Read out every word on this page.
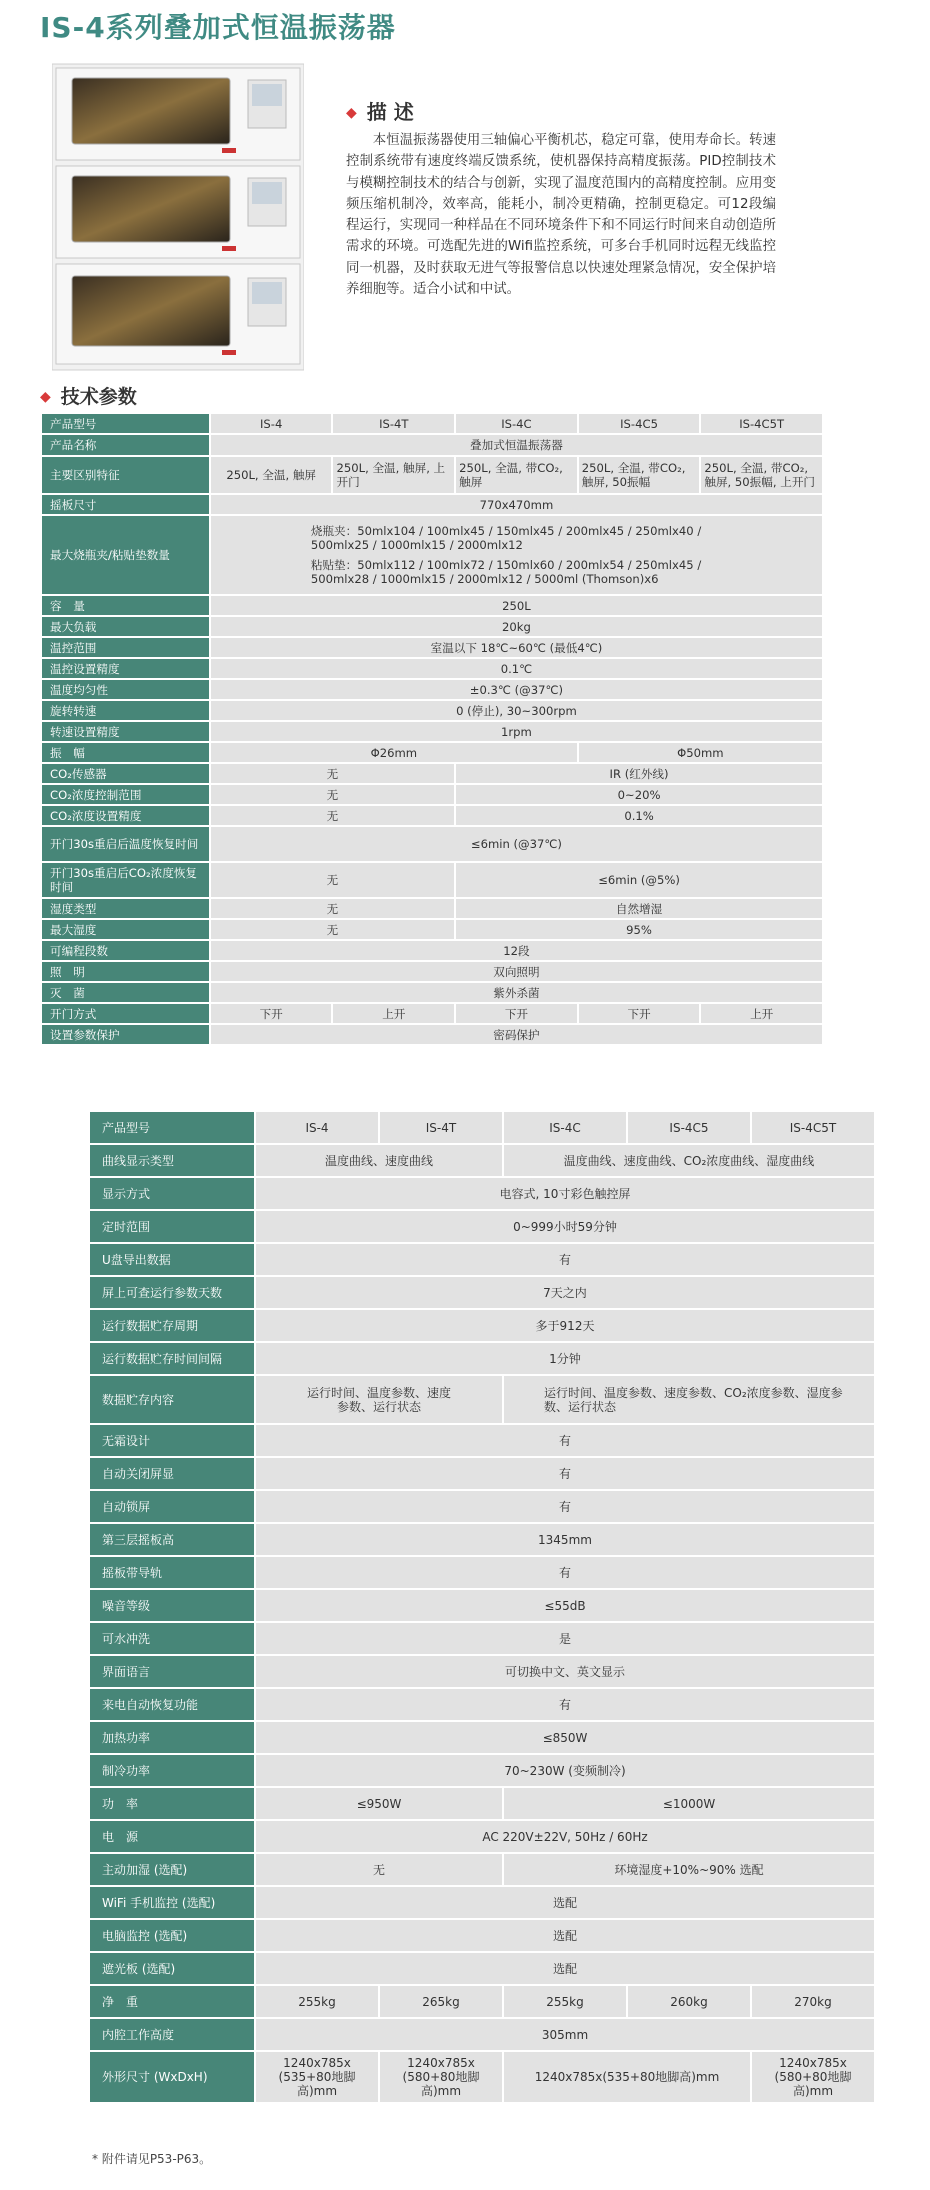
IS-4系列叠加式恒温振荡器
◆ 描 述
本恒温振荡器使用三轴偏心平衡机芯，稳定可靠，使用寿命长。转速控制系统带有速度终端反馈系统，使机器保持高精度振荡。PID控制技术与模糊控制技术的结合与创新，实现了温度范围内的高精度控制。应用变频压缩机制冷，效率高，能耗小，制冷更精确，控制更稳定。可12段编程运行，实现同一种样品在不同环境条件下和不同运行时间来自动创造所需求的环境。可选配先进的Wifi监控系统，可多台手机同时远程无线监控同一机器，及时获取无进气等报警信息以快速处理紧急情况，安全保护培养细胞等。适合小试和中试。
◆ 技术参数
产品型号	IS-4	IS-4T	IS-4C	IS-4C5	IS-4C5T
产品名称	叠加式恒温振荡器				
主要区别特征	250L, 全温, 触屏	250L, 全温, 触屏, 上开门	250L, 全温, 带CO₂, 触屏	250L, 全温, 带CO₂, 触屏, 50振幅	250L, 全温, 带CO₂, 触屏, 50振幅, 上开门
摇板尺寸	770x470mm				
最大烧瓶夹/粘贴垫数量	烧瓶夹：50mlx104 / 100mlx45 / 150mlx45 / 200mlx45 / 250mlx40 / 500mlx25 / 1000mlx15 / 2000mlx12
粘贴垫：50mlx112 / 100mlx72 / 150mlx60 / 200mlx54 / 250mlx45 / 500mlx28 / 1000mlx15 / 2000mlx12 / 5000ml (Thomson)x6				

容　量	250L				
最大负载	20kg				
温控范围	室温以下 18℃~60℃ (最低4℃)				
温控设置精度	0.1℃				
温度均匀性	±0.3℃ (@37℃)				
旋转转速	0 (停止), 30~300rpm				
转速设置精度	1rpm				
振　幅	Φ26mm			Φ50mm	
CO₂传感器	无		IR (红外线)		
CO₂浓度控制范围	无		0~20%		
CO₂浓度设置精度	无		0.1%		
开门30s重启后温度恢复时间	≤6min (@37℃)				
开门30s重启后CO₂浓度恢复时间	无		≤6min (@5%)		
湿度类型	无		自然增湿		
最大湿度	无		95%		
可编程段数	12段				
照　明	双向照明				
灭　菌	紫外杀菌				
开门方式	下开	上开	下开	下开	上开
设置参数保护	密码保护				
产品型号	IS-4	IS-4T	IS-4C	IS-4C5	IS-4C5T
曲线显示类型	温度曲线、速度曲线		温度曲线、速度曲线、CO₂浓度曲线、湿度曲线		
显示方式	电容式, 10寸彩色触控屏				
定时范围	0~999小时59分钟				
U盘导出数据	有				
屏上可查运行参数天数	7天之内				
运行数据贮存周期	多于912天				
运行数据贮存时间间隔	1分钟				
数据贮存内容	运行时间、温度参数、速度参数、运行状态		运行时间、温度参数、速度参数、CO₂浓度参数、湿度参数、运行状态		
无霜设计	有				
自动关闭屏显	有				
自动锁屏	有				
第三层摇板高	1345mm				
摇板带导轨	有				
噪音等级	≤55dB				
可水冲洗	是				
界面语言	可切换中文、英文显示				
来电自动恢复功能	有				
加热功率	≤850W				
制冷功率	70~230W (变频制冷)				
功　率	≤950W		≤1000W		
电　源	AC 220V±22V, 50Hz / 60Hz				
主动加湿 (选配)	无		环境湿度+10%~90% 选配		
WiFi 手机监控 (选配)	选配				
电脑监控 (选配)	选配				
遮光板 (选配)	选配				
净　重	255kg	265kg	255kg	260kg	270kg
内腔工作高度	305mm				
外形尺寸 (WxDxH)	1240x785x (535+80地脚高)mm	1240x785x (580+80地脚高)mm	1240x785x(535+80地脚高)mm		1240x785x (580+80地脚高)mm
* 附件请见P53-P63。
